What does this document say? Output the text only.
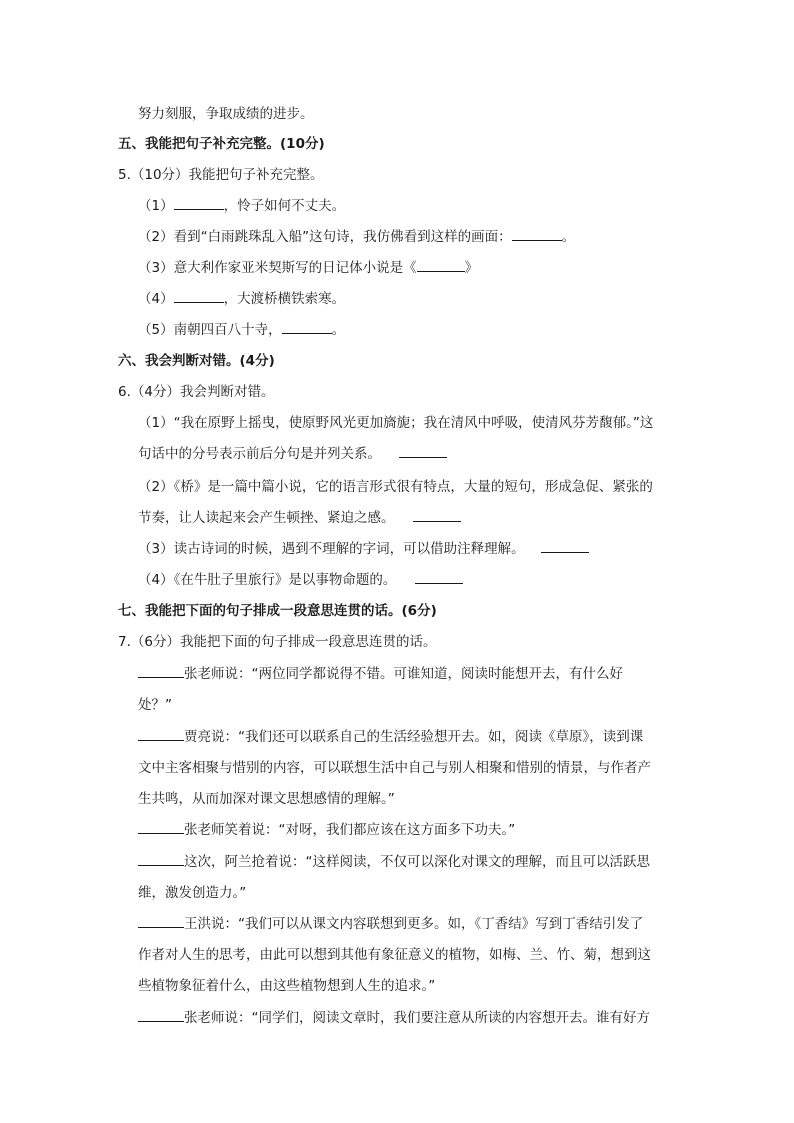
努力刻服，争取成绩的进步。
五、我能把句子补充完整。(10分)
5.（10分）我能把句子补充完整。
（1）	，怜子如何不丈夫。
（2）看到“白雨跳珠乱入船”这句诗，我仿佛看到这样的画面：	。
（3）意大利作家亚米契斯写的日记体小说是《	》
（4）	，大渡桥横铁索寒。
（5）南朝四百八十寺，	。
六、我会判断对错。(4分)
6.（4分）我会判断对错。
（1）“我在原野上摇曳，使原野风光更加旖旎；我在清风中呼吸，使清风芬芳馥郁。”这
句话中的分号表示前后分句是并列关系。
（2）《桥》是一篇中篇小说，它的语言形式很有特点，大量的短句，形成急促、紧张的
节奏，让人读起来会产生顿挫、紧迫之感。
（3）读古诗词的时候，遇到不理解的字词，可以借助注释理解。
（4）《在牛肚子里旅行》是以事物命题的。
七、我能把下面的句子排成一段意思连贯的话。(6分)
7.（6分）我能把下面的句子排成一段意思连贯的话。
张老师说：“两位同学都说得不错。可谁知道，阅读时能想开去，有什么好
处？”
贾亮说：“我们还可以联系自己的生活经验想开去。如，阅读《草原》，读到课
文中主客相聚与惜别的内容，可以联想生活中自己与别人相聚和惜别的情景，与作者产
生共鸣，从而加深对课文思想感情的理解。”
张老师笑着说：“对呀，我们都应该在这方面多下功夫。”
这次，阿兰抢着说：“这样阅读，不仅可以深化对课文的理解，而且可以活跃思
维，激发创造力。”
王洪说：“我们可以从课文内容联想到更多。如，《丁香结》写到丁香结引发了
作者对人生的思考，由此可以想到其他有象征意义的植物，如梅、兰、竹、菊，想到这
些植物象征着什么，由这些植物想到人生的追求。”
张老师说：“同学们，阅读文章时，我们要注意从所读的内容想开去。谁有好方
